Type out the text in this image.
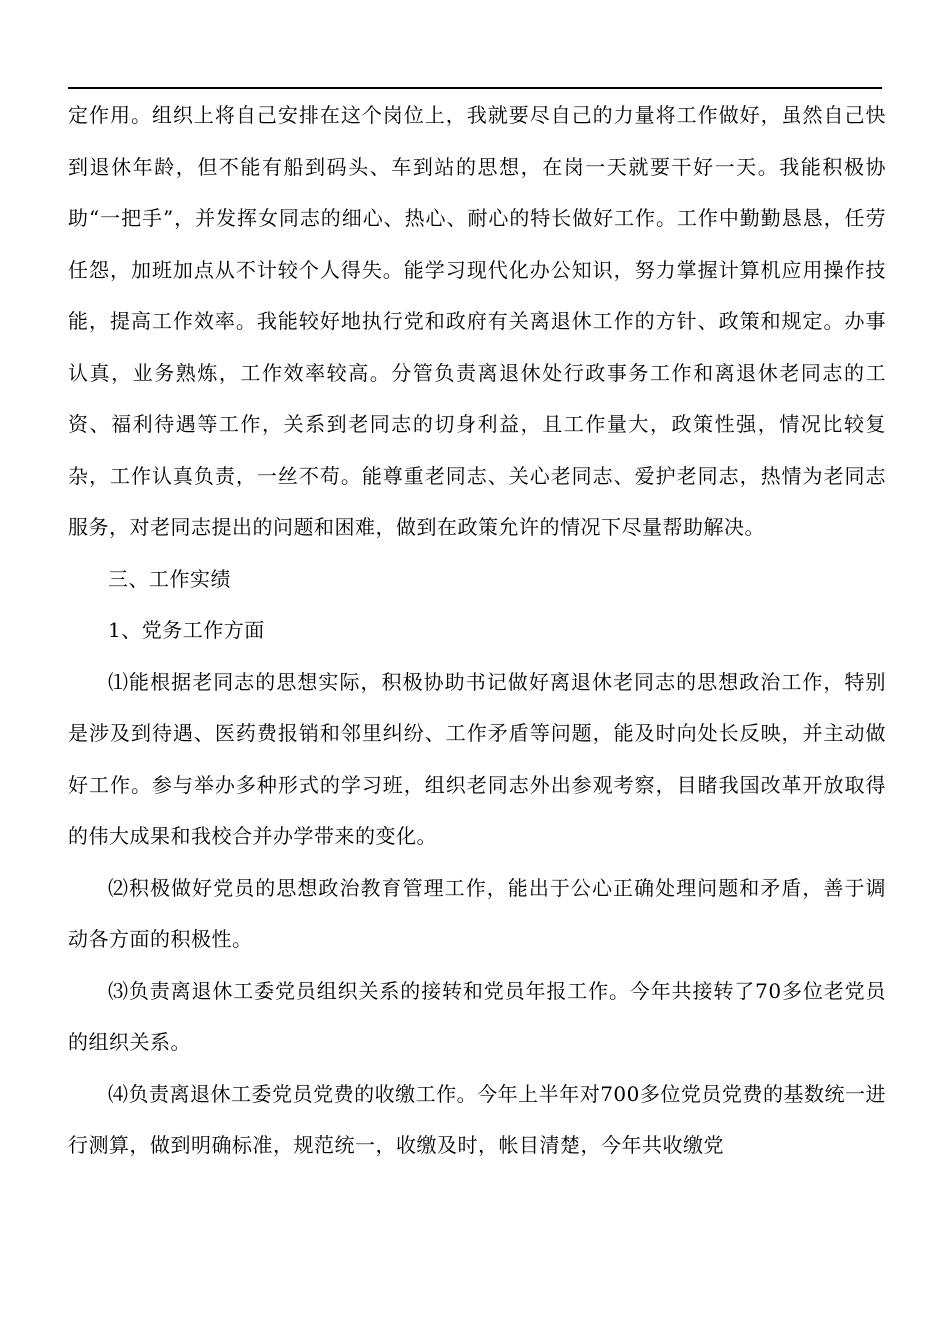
定作用。组织上将自己安排在这个岗位上，我就要尽自己的力量将工作做好，虽然自己快到退休年龄，但不能有船到码头、车到站的思想，在岗一天就要干好一天。我能积极协助“一把手”，并发挥女同志的细心、热心、耐心的特长做好工作。工作中勤勤恳恳，任劳任怨，加班加点从不计较个人得失。能学习现代化办公知识，努力掌握计算机应用操作技能，提高工作效率。我能较好地执行党和政府有关离退休工作的方针、政策和规定。办事认真，业务熟炼，工作效率较高。分管负责离退休处行政事务工作和离退休老同志的工资、福利待遇等工作，关系到老同志的切身利益，且工作量大，政策性强，情况比较复杂，工作认真负责，一丝不苟。能尊重老同志、关心老同志、爱护老同志，热情为老同志服务，对老同志提出的问题和困难，做到在政策允许的情况下尽量帮助解决。

三、工作实绩

1、党务工作方面

⑴能根据老同志的思想实际，积极协助书记做好离退休老同志的思想政治工作，特别是涉及到待遇、医药费报销和邻里纠纷、工作矛盾等问题，能及时向处长反映，并主动做好工作。参与举办多种形式的学习班，组织老同志外出参观考察，目睹我国改革开放取得的伟大成果和我校合并办学带来的变化。

⑵积极做好党员的思想政治教育管理工作，能出于公心正确处理问题和矛盾，善于调动各方面的积极性。

⑶负责离退休工委党员组织关系的接转和党员年报工作。今年共接转了70多位老党员的组织关系。

⑷负责离退休工委党员党费的收缴工作。今年上半年对700多位党员党费的基数统一进行测算，做到明确标准，规范统一，收缴及时，帐目清楚，今年共收缴党
